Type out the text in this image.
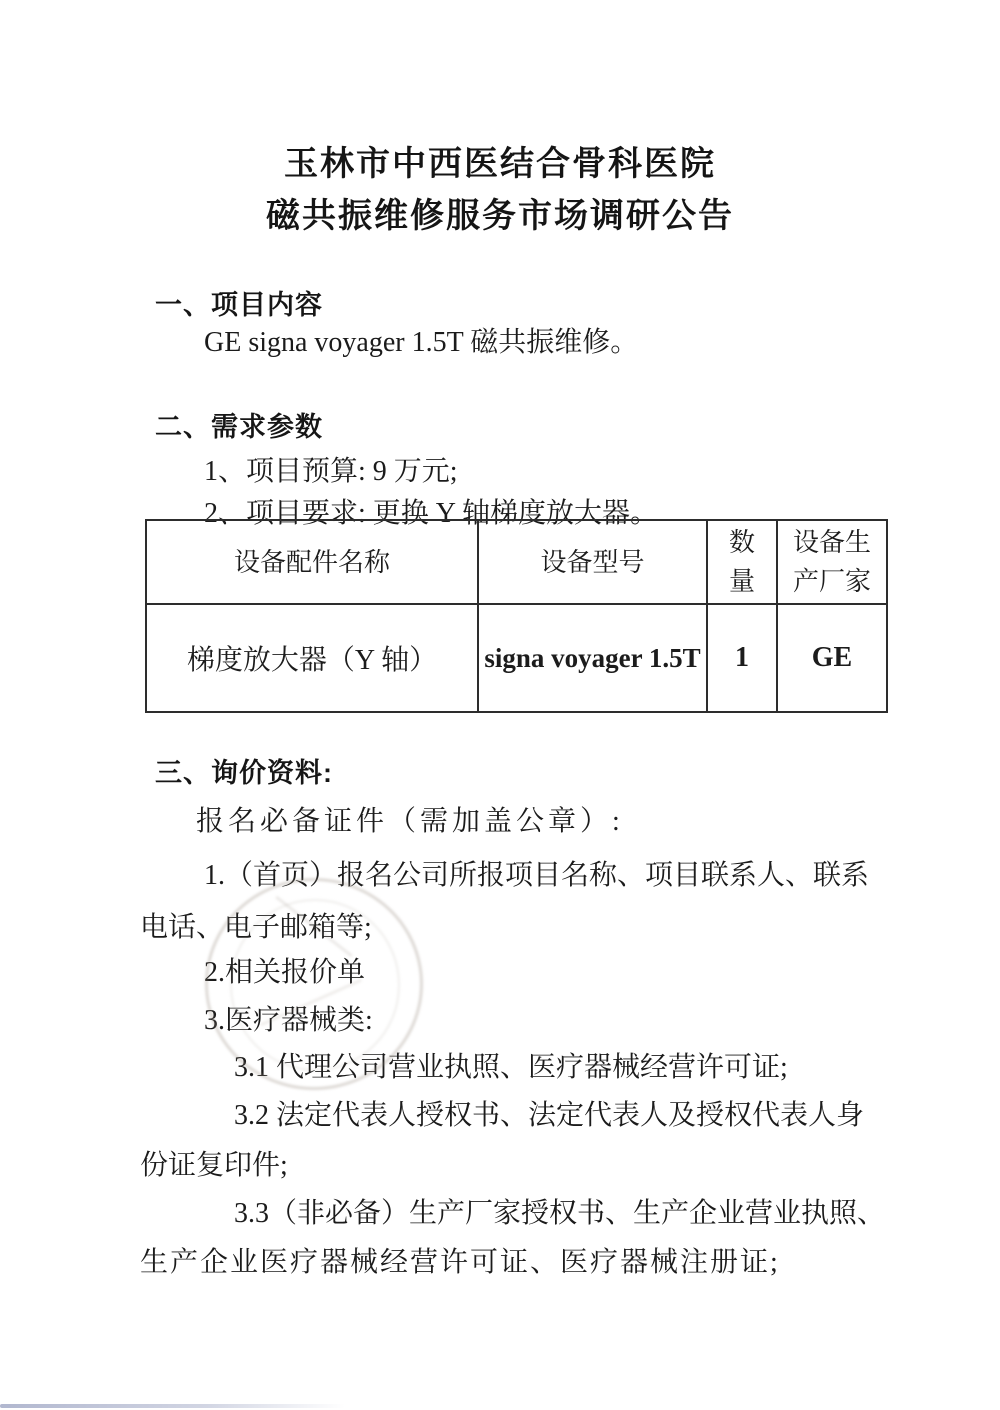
玉林市中西医结合骨科医院
磁共振维修服务市场调研公告
一、项目内容
GE signa voyager 1.5T 磁共振维修。
二、需求参数
1、项目预算: 9 万元;
2、项目要求: 更换 Y 轴梯度放大器。
设备配件名称	设备型号	数量	设备生产厂家
梯度放大器（Y 轴）	signa voyager 1.5T	1	GE
三、询价资料:
报名必备证件（需加盖公章）:
1.（首页）报名公司所报项目名称、项目联系人、联系
电话、电子邮箱等;
2.相关报价单
3.医疗器械类:
3.1 代理公司营业执照、医疗器械经营许可证;
3.2 法定代表人授权书、法定代表人及授权代表人身
份证复印件;
3.3（非必备）生产厂家授权书、生产企业营业执照、
生产企业医疗器械经营许可证、医疗器械注册证;
